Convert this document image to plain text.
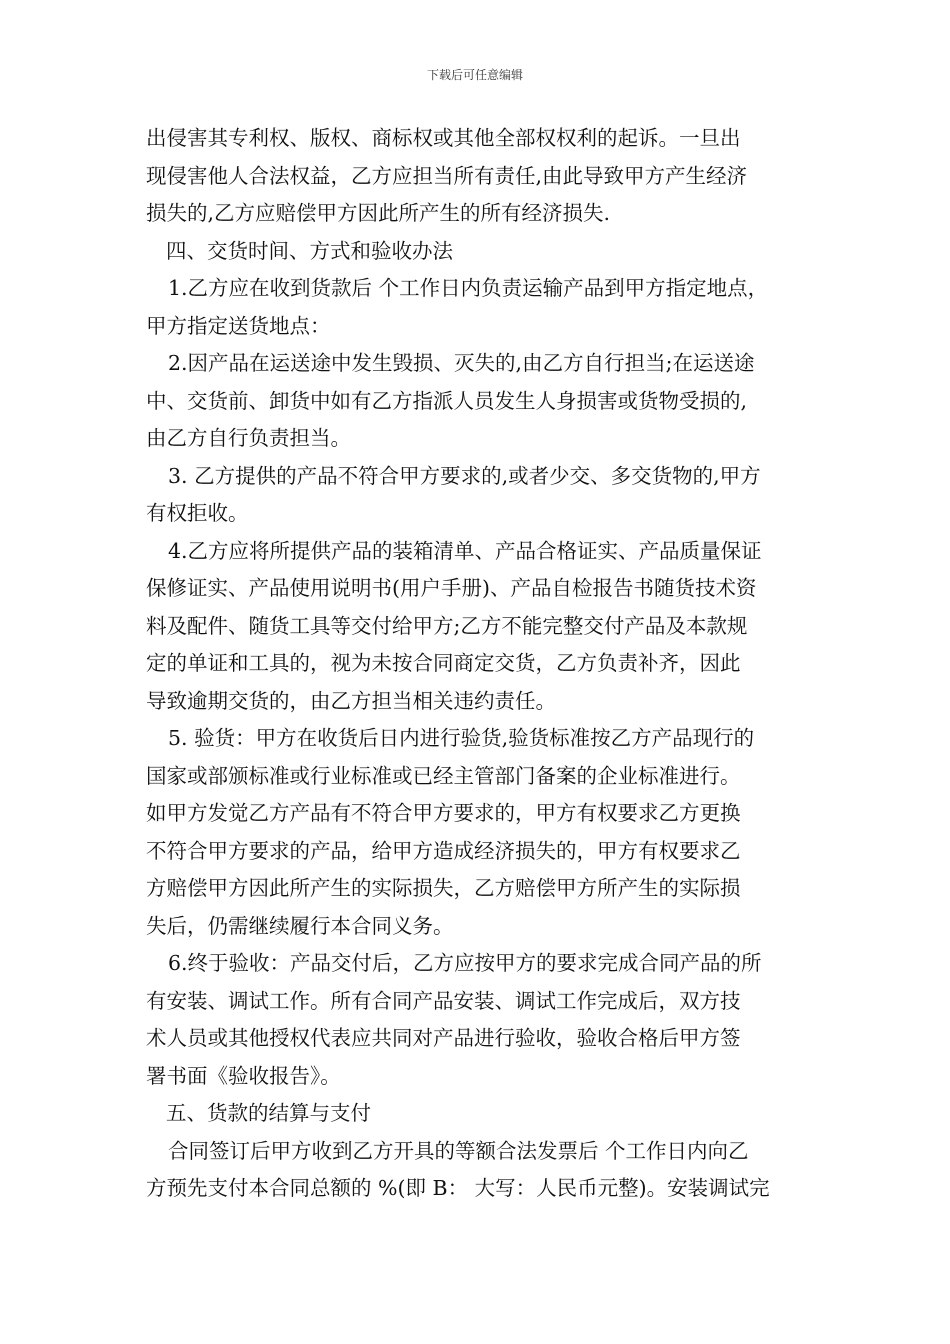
下载后可任意编辑
出侵害其专利权、版权、商标权或其他全部权权利的起诉。一旦出
现侵害他人合法权益，乙方应担当所有责任,由此导致甲方产生经济
损失的,乙方应赔偿甲方因此所产生的所有经济损失.
四、交货时间、方式和验收办法
1.乙方应在收到货款后 个工作日内负责运输产品到甲方指定地点，
甲方指定送货地点：
2.因产品在运送途中发生毁损、灭失的,由乙方自行担当;在运送途
中、交货前、卸货中如有乙方指派人员发生人身损害或货物受损的,
由乙方自行负责担当。
3. 乙方提供的产品不符合甲方要求的,或者少交、多交货物的,甲方
有权拒收。
4.乙方应将所提供产品的装箱清单、产品合格证实、产品质量保证
保修证实、产品使用说明书(用户手册)、产品自检报告书随货技术资
料及配件、随货工具等交付给甲方;乙方不能完整交付产品及本款规
定的单证和工具的，视为未按合同商定交货，乙方负责补齐，因此
导致逾期交货的，由乙方担当相关违约责任。
5. 验货：甲方在收货后日内进行验货,验货标准按乙方产品现行的
国家或部颁标准或行业标准或已经主管部门备案的企业标准进行。
如甲方发觉乙方产品有不符合甲方要求的，甲方有权要求乙方更换
不符合甲方要求的产品，给甲方造成经济损失的，甲方有权要求乙
方赔偿甲方因此所产生的实际损失，乙方赔偿甲方所产生的实际损
失后，仍需继续履行本合同义务。
6.终于验收：产品交付后，乙方应按甲方的要求完成合同产品的所
有安装、调试工作。所有合同产品安装、调试工作完成后，双方技
术人员或其他授权代表应共同对产品进行验收，验收合格后甲方签
署书面《验收报告》。
五、货款的结算与支付
合同签订后甲方收到乙方开具的等额合法发票后 个工作日内向乙
方预先支付本合同总额的 %(即 B： 大写：人民币元整)。安装调试完
